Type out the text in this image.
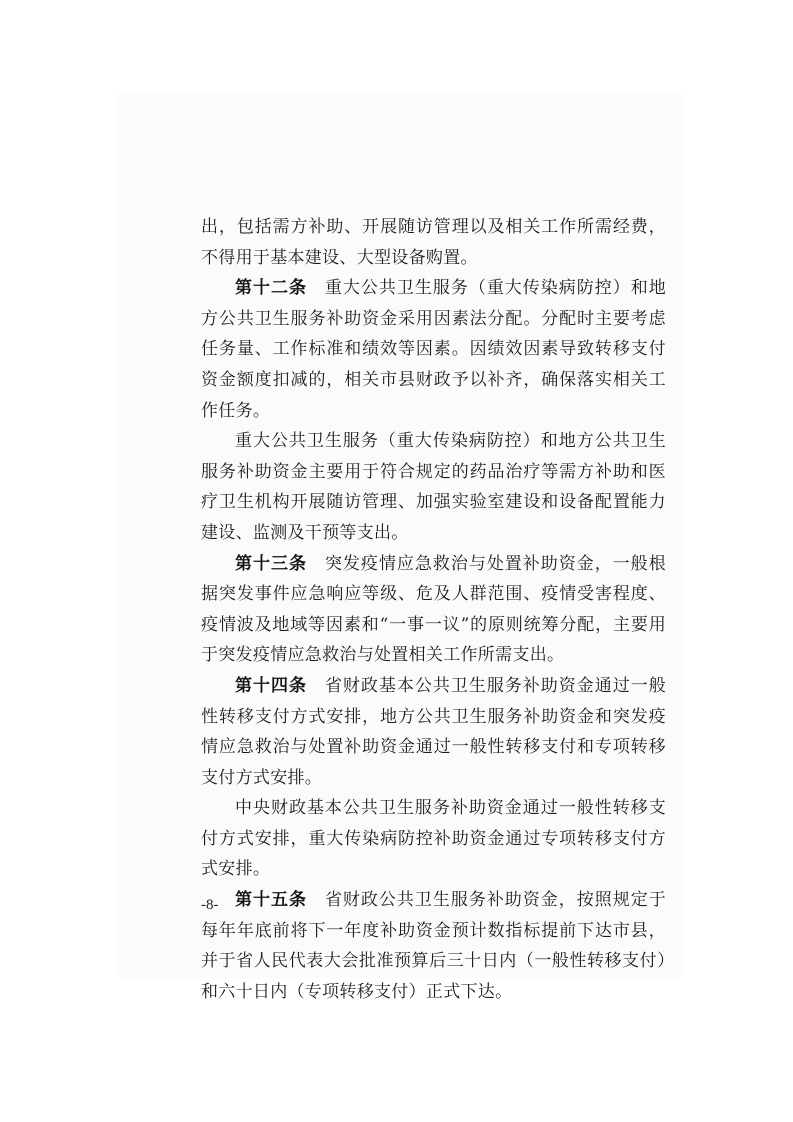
出，包括需方补助、开展随访管理以及相关工作所需经费，不得用于基本建设、大型设备购置。

第十二条　重大公共卫生服务（重大传染病防控）和地方公共卫生服务补助资金采用因素法分配。分配时主要考虑任务量、工作标准和绩效等因素。因绩效因素导致转移支付资金额度扣减的，相关市县财政予以补齐，确保落实相关工作任务。

重大公共卫生服务（重大传染病防控）和地方公共卫生服务补助资金主要用于符合规定的药品治疗等需方补助和医疗卫生机构开展随访管理、加强实验室建设和设备配置能力建设、监测及干预等支出。

第十三条　突发疫情应急救治与处置补助资金，一般根据突发事件应急响应等级、危及人群范围、疫情受害程度、疫情波及地域等因素和“一事一议”的原则统筹分配，主要用于突发疫情应急救治与处置相关工作所需支出。

第十四条　省财政基本公共卫生服务补助资金通过一般性转移支付方式安排，地方公共卫生服务补助资金和突发疫情应急救治与处置补助资金通过一般性转移支付和专项转移支付方式安排。

中央财政基本公共卫生服务补助资金通过一般性转移支付方式安排，重大传染病防控补助资金通过专项转移支付方式安排。

第十五条　省财政公共卫生服务补助资金，按照规定于每年年底前将下一年度补助资金预计数指标提前下达市县，并于省人民代表大会批准预算后三十日内（一般性转移支付）和六十日内（专项转移支付）正式下达。

-8-
